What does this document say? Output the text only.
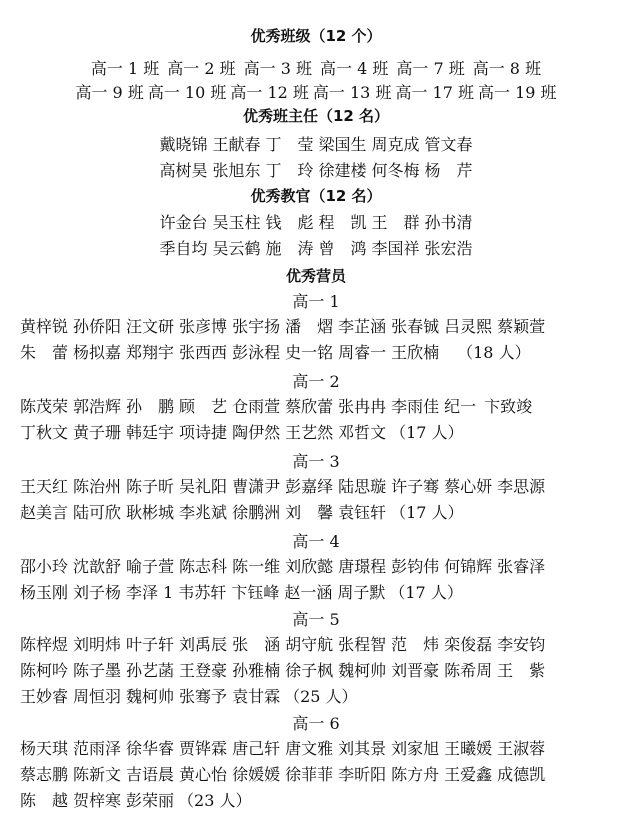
优秀班级（12 个）
高一 1 班 高一 2 班 高一 3 班 高一 4 班 高一 7 班 高一 8 班
高一 9 班 高一 10 班 高一 12 班 高一 13 班 高一 17 班 高一 19 班
优秀班主任（12 名）
戴晓锦 王献春 丁　莹 梁国生 周克成 管文春
高树昊 张旭东 丁　玲 徐建楼 何冬梅 杨　芹
优秀教官（12 名）
许金台 吴玉柱 钱　彪 程　凯 王　群 孙书清
季自均 吴云鹤 施　涛 曾　鸿 李国祥 张宏浩
优秀营员
高一 1
黄梓锐 孙侨阳 汪文研 张彦博 张宇扬 潘　熠 李芷涵 张春铖 吕灵熙 蔡颖萱
朱　蕾 杨拟嘉 郑翔宇 张西西 彭泳程 史一铭 周睿一 王欣楠 （18 人）
高一 2
陈茂荣 郭浩辉 孙　鹏 顾　艺 仓雨萱 蔡欣蕾 张冉冉 李雨佳 纪一 卞致竣
丁秋文 黄子珊 韩廷宇 项诗捷 陶伊然 王艺然 邓哲文 （17 人）
高一 3
王天红 陈治州 陈子昕 吴礼阳 曹潇尹 彭嘉绎 陆思璇 许子骞 蔡心妍 李思源
赵美言 陆可欣 耿彬城 李兆斌 徐鹏洲 刘　馨 袁钰轩 （17 人）
高一 4
邵小玲 沈歆舒 喻子萱 陈志科 陈一维 刘欣懿 唐璟程 彭钧伟 何锦辉 张睿泽
杨玉刚 刘子杨 李泽 1 韦苏轩 卞钰峰 赵一涵 周子默 （17 人）
高一 5
陈梓煜 刘明炜 叶子轩 刘禹辰 张　涵 胡守航 张程智 范　炜 栾俊磊 李安钧
陈柯吟 陈子墨 孙艺菡 王登豪 孙雅楠 徐子枫 魏柯帅 刘晋豪 陈希周 王　紫
王妙睿 周恒羽 魏柯帅 张骞予 袁甘霖 （25 人）
高一 6
杨天琪 范雨泽 徐华睿 贾铧霖 唐己轩 唐文雅 刘其景 刘家旭 王曦媛 王淑蓉
蔡志鹏 陈新文 吉语晨 黄心怡 徐媛媛 徐菲菲 李昕阳 陈方舟 王爱鑫 成德凯
陈　越 贺梓寒 彭荣丽 （23 人）
